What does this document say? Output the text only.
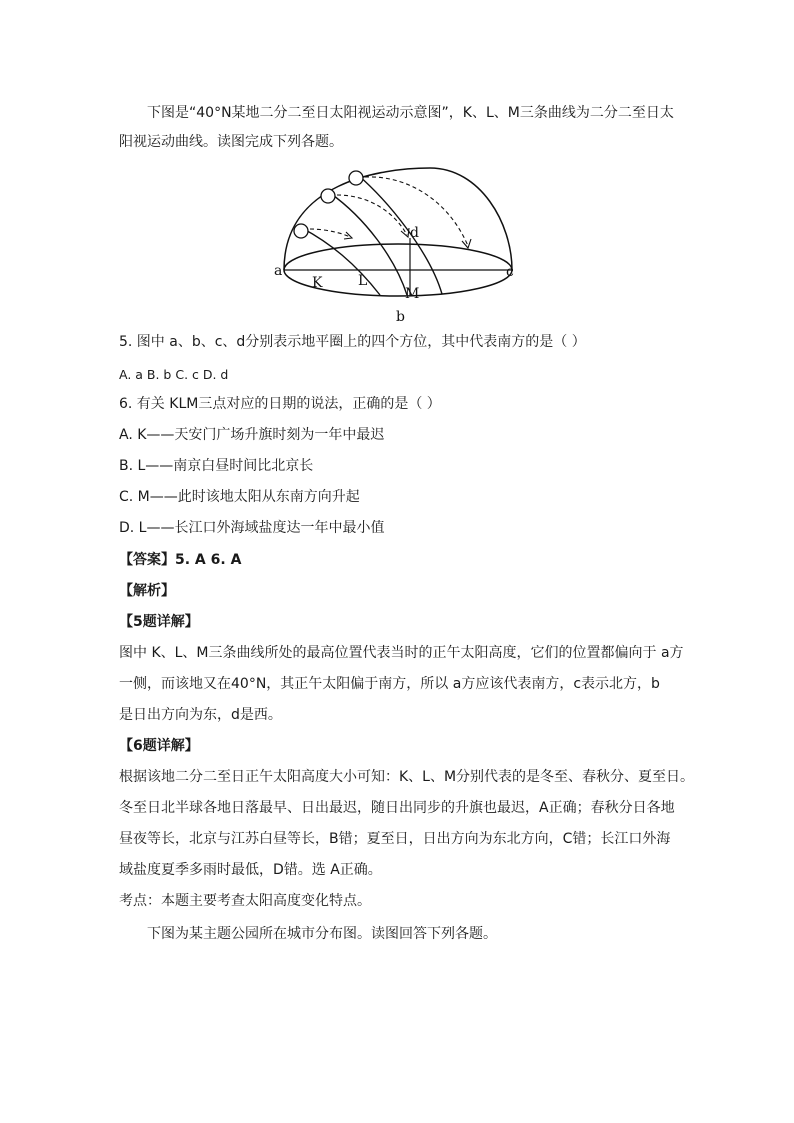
下图是“40°N某地二分二至日太阳视运动示意图”，K、L、M三条曲线为二分二至日太
阳视运动曲线。读图完成下列各题。
a	c
b
d
K	L
M
5. 图中 a、b、c、d分别表示地平圈上的四个方位，其中代表南方的是（ ）
A. a B. b C. c D. d
6. 有关 KLM三点对应的日期的说法，正确的是（ ）
A. K——天安门广场升旗时刻为一年中最迟
B. L——南京白昼时间比北京长
C. M——此时该地太阳从东南方向升起
D. L——长江口外海域盐度达一年中最小值
【答案】5. A 6. A
【解析】
【5题详解】
图中 K、L、M三条曲线所处的最高位置代表当时的正午太阳高度，它们的位置都偏向于 a方
一侧，而该地又在40°N，其正午太阳偏于南方，所以 a方应该代表南方，c表示北方，b
是日出方向为东，d是西。
【6题详解】
根据该地二分二至日正午太阳高度大小可知：K、L、M分别代表的是冬至、春秋分、夏至日。
冬至日北半球各地日落最早、日出最迟，随日出同步的升旗也最迟，A正确；春秋分日各地
昼夜等长，北京与江苏白昼等长，B错；夏至日，日出方向为东北方向，C错；长江口外海
域盐度夏季多雨时最低，D错。选 A正确。
考点：本题主要考查太阳高度变化特点。
下图为某主题公园所在城市分布图。读图回答下列各题。
